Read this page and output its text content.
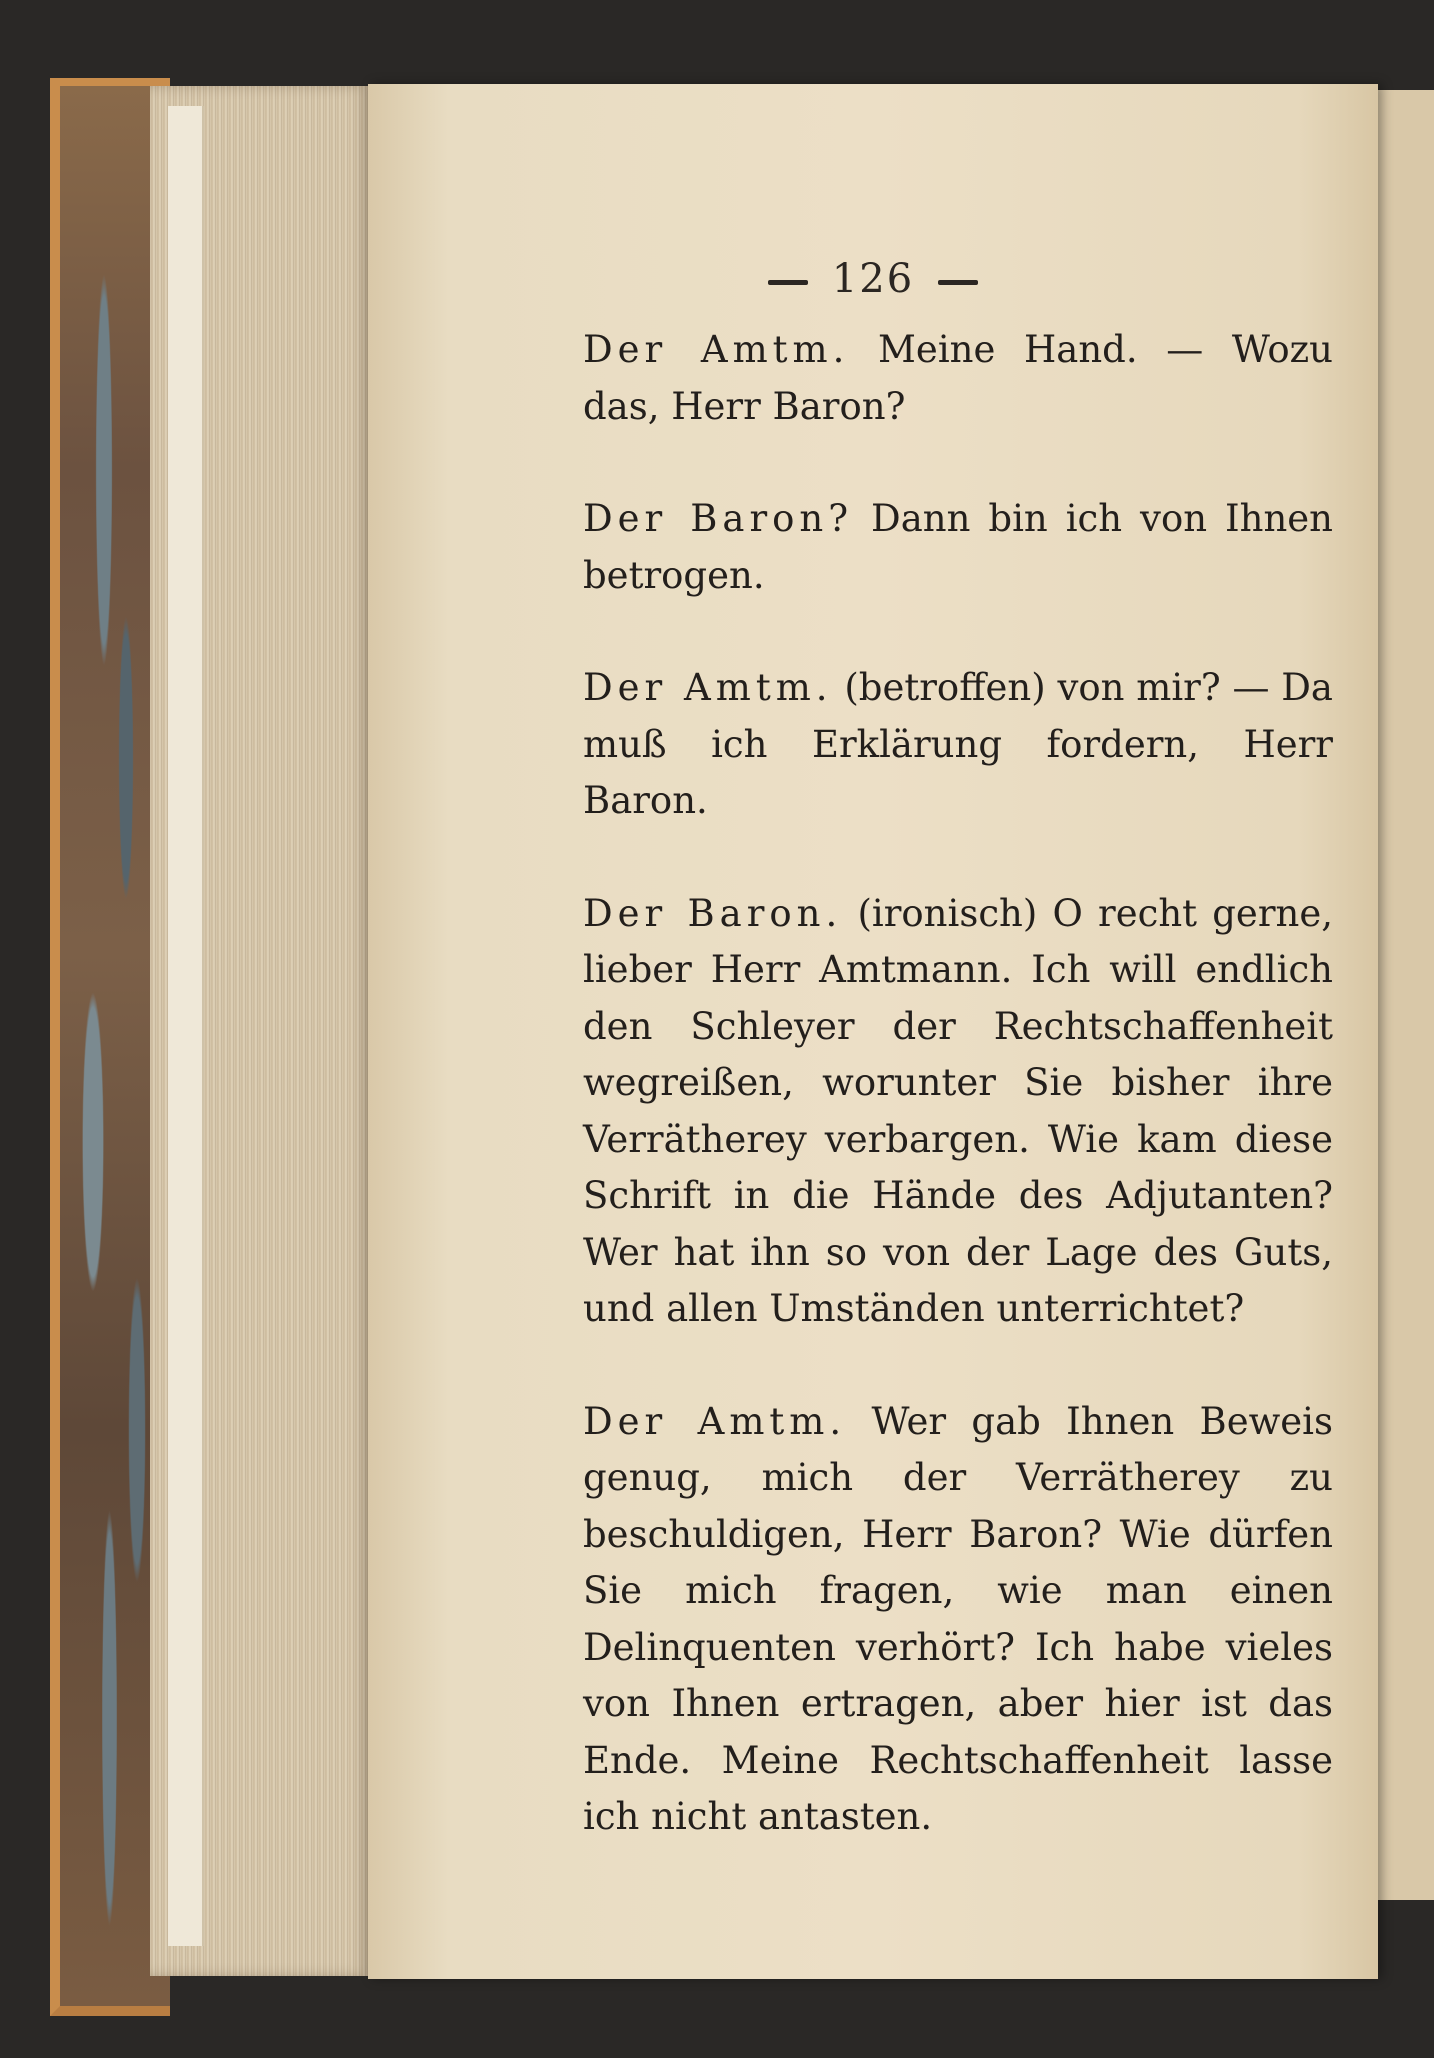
126

Der Amtm. Meine Hand. — Wozu das, Herr Baron?

Der Baron? Dann bin ich von Ihnen betrogen.

Der Amtm. (betroffen) von mir? — Da muß ich Erklärung fordern, Herr Baron.

Der Baron. (ironisch) O recht gerne, lieber Herr Amtmann. Ich will endlich den Schleyer der Rechtschaffenheit wegreißen, worunter Sie bisher ihre Verrätherey verbargen. Wie kam diese Schrift in die Hände des Adjutanten? Wer hat ihn so von der Lage des Guts, und allen Umständen unterrichtet?

Der Amtm. Wer gab Ihnen Beweis genug, mich der Verrätherey zu beschuldigen, Herr Baron? Wie dürfen Sie mich fragen, wie man einen Delinquenten verhört? Ich habe vieles von Ihnen ertragen, aber hier ist das Ende. Meine Rechtschaffenheit lasse ich nicht antasten.
